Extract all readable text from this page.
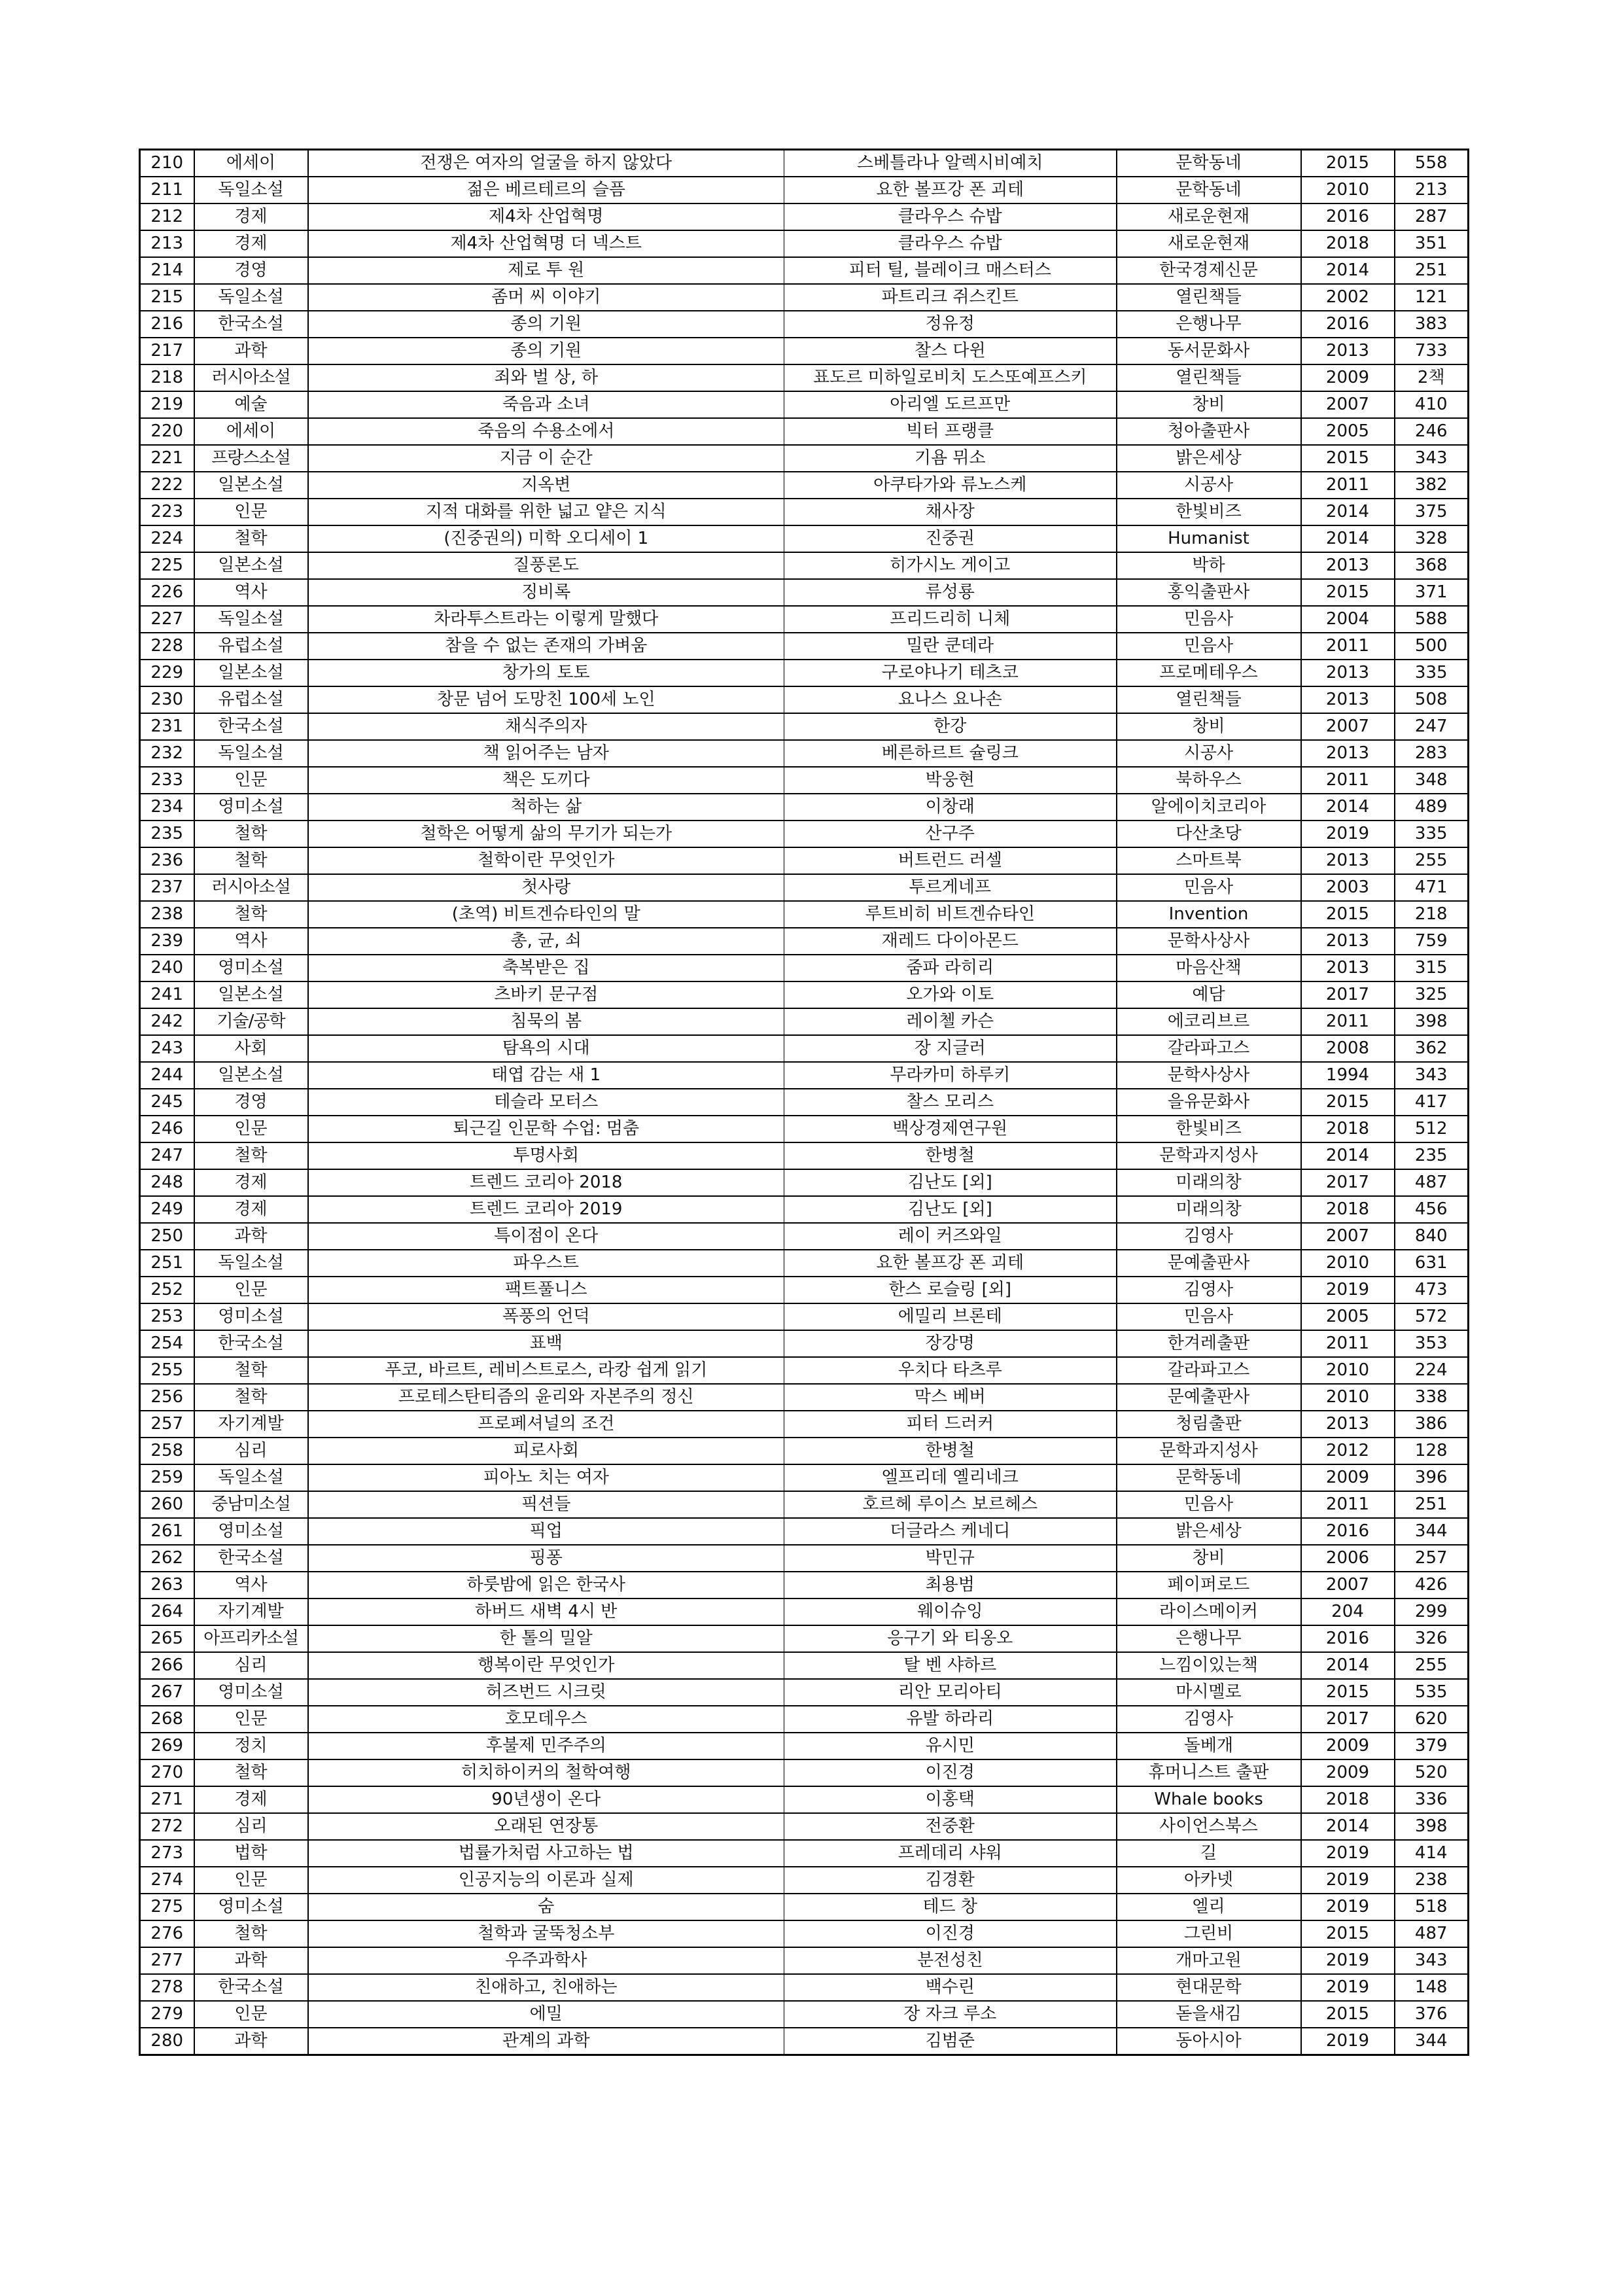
210	에세이	전쟁은 여자의 얼굴을 하지 않았다	스베틀라나 알렉시비예치	문학동네	2015	558
211	독일소설	젊은 베르테르의 슬픔	요한 볼프강 폰 괴테	문학동네	2010	213
212	경제	제4차 산업혁명	클라우스 슈밥	새로운현재	2016	287
213	경제	제4차 산업혁명 더 넥스트	클라우스 슈밥	새로운현재	2018	351
214	경영	제로 투 원	피터 틸, 블레이크 매스터스	한국경제신문	2014	251
215	독일소설	좀머 씨 이야기	파트리크 쥐스킨트	열린책들	2002	121
216	한국소설	종의 기원	정유정	은행나무	2016	383
217	과학	종의 기원	찰스 다윈	동서문화사	2013	733
218	러시아소설	죄와 벌 상, 하	표도르 미하일로비치 도스또예프스키	열린책들	2009	2책
219	예술	죽음과 소녀	아리엘 도르프만	창비	2007	410
220	에세이	죽음의 수용소에서	빅터 프랭클	청아출판사	2005	246
221	프랑스소설	지금 이 순간	기욤 뮈소	밝은세상	2015	343
222	일본소설	지옥변	아쿠타가와 류노스케	시공사	2011	382
223	인문	지적 대화를 위한 넓고 얕은 지식	채사장	한빛비즈	2014	375
224	철학	(진중권의) 미학 오디세이 1	진중권	Humanist	2014	328
225	일본소설	질풍론도	히가시노 게이고	박하	2013	368
226	역사	징비록	류성룡	홍익출판사	2015	371
227	독일소설	차라투스트라는 이렇게 말했다	프리드리히 니체	민음사	2004	588
228	유럽소설	참을 수 없는 존재의 가벼움	밀란 쿤데라	민음사	2011	500
229	일본소설	창가의 토토	구로야나기 테츠코	프로메테우스	2013	335
230	유럽소설	창문 넘어 도망친 100세 노인	요나스 요나손	열린책들	2013	508
231	한국소설	채식주의자	한강	창비	2007	247
232	독일소설	책 읽어주는 남자	베른하르트 슐링크	시공사	2013	283
233	인문	책은 도끼다	박웅현	북하우스	2011	348
234	영미소설	척하는 삶	이창래	알에이치코리아	2014	489
235	철학	철학은 어떻게 삶의 무기가 되는가	산구주	다산초당	2019	335
236	철학	철학이란 무엇인가	버트런드 러셀	스마트북	2013	255
237	러시아소설	첫사랑	투르게네프	민음사	2003	471
238	철학	(초역) 비트겐슈타인의 말	루트비히 비트겐슈타인	Invention	2015	218
239	역사	총, 균, 쇠	재레드 다이아몬드	문학사상사	2013	759
240	영미소설	축복받은 집	줌파 라히리	마음산책	2013	315
241	일본소설	츠바키 문구점	오가와 이토	예담	2017	325
242	기술/공학	침묵의 봄	레이첼 카슨	에코리브르	2011	398
243	사회	탐욕의 시대	장 지글러	갈라파고스	2008	362
244	일본소설	태엽 감는 새 1	무라카미 하루키	문학사상사	1994	343
245	경영	테슬라 모터스	찰스 모리스	을유문화사	2015	417
246	인문	퇴근길 인문학 수업: 멈춤	백상경제연구원	한빛비즈	2018	512
247	철학	투명사회	한병철	문학과지성사	2014	235
248	경제	트렌드 코리아 2018	김난도 [외]	미래의창	2017	487
249	경제	트렌드 코리아 2019	김난도 [외]	미래의창	2018	456
250	과학	특이점이 온다	레이 커즈와일	김영사	2007	840
251	독일소설	파우스트	요한 볼프강 폰 괴테	문예출판사	2010	631
252	인문	팩트풀니스	한스 로슬링 [외]	김영사	2019	473
253	영미소설	폭풍의 언덕	에밀리 브론테	민음사	2005	572
254	한국소설	표백	장강명	한겨레출판	2011	353
255	철학	푸코, 바르트, 레비스트로스, 라캉 쉽게 읽기	우치다 타츠루	갈라파고스	2010	224
256	철학	프로테스탄티즘의 윤리와 자본주의 정신	막스 베버	문예출판사	2010	338
257	자기계발	프로페셔널의 조건	피터 드러커	청림출판	2013	386
258	심리	피로사회	한병철	문학과지성사	2012	128
259	독일소설	피아노 치는 여자	엘프리데 옐리네크	문학동네	2009	396
260	중남미소설	픽션들	호르헤 루이스 보르헤스	민음사	2011	251
261	영미소설	픽업	더글라스 케네디	밝은세상	2016	344
262	한국소설	핑퐁	박민규	창비	2006	257
263	역사	하룻밤에 읽은 한국사	최용범	페이퍼로드	2007	426
264	자기계발	하버드 새벽 4시 반	웨이슈잉	라이스메이커	204	299
265	아프리카소설	한 톨의 밀알	응구기 와 티옹오	은행나무	2016	326
266	심리	행복이란 무엇인가	탈 벤 샤하르	느낌이있는책	2014	255
267	영미소설	허즈번드 시크릿	리안 모리아티	마시멜로	2015	535
268	인문	호모데우스	유발 하라리	김영사	2017	620
269	정치	후불제 민주주의	유시민	돌베개	2009	379
270	철학	히치하이커의 철학여행	이진경	휴머니스트 출판	2009	520
271	경제	90년생이 온다	이홍택	Whale books	2018	336
272	심리	오래된 연장통	전중환	사이언스북스	2014	398
273	법학	법률가처럼 사고하는 법	프레데리 샤워	길	2019	414
274	인문	인공지능의 이론과 실제	김경환	아카넷	2019	238
275	영미소설	숨	테드 창	엘리	2019	518
276	철학	철학과 굴뚝청소부	이진경	그린비	2015	487
277	과학	우주과학사	분전성친	개마고원	2019	343
278	한국소설	친애하고, 친애하는	백수린	현대문학	2019	148
279	인문	에밀	장 자크 루소	돋을새김	2015	376
280	과학	관계의 과학	김범준	동아시아	2019	344
